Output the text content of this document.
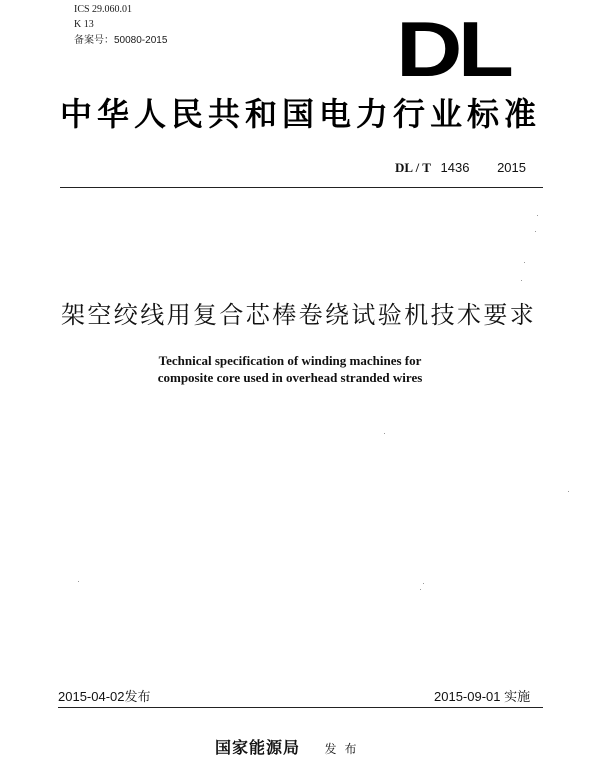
ICS 29.060.01
K 13
备案号：50080-2015	DL
中华人民共和国电力行业标准
DL / T 1436 2015
架空绞线用复合芯棒卷绕试验机技术要求
Technical specification of winding machines for
composite core used in overhead stranded wires
2015-04-02发布	2015-09-01 实施
国家能源局 发布
